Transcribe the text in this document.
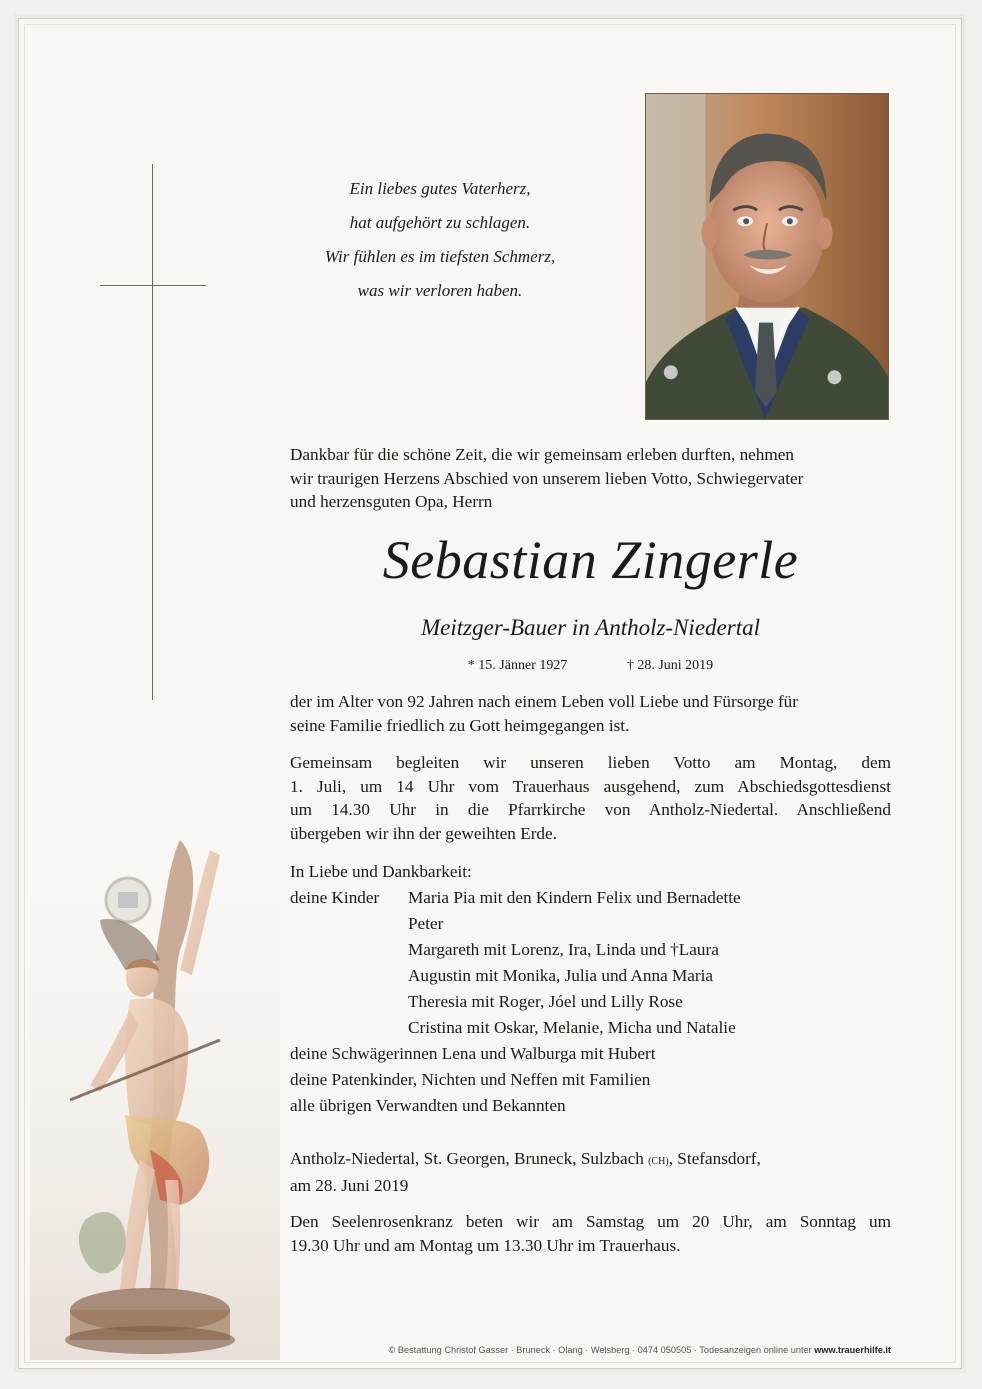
Ein liebes gutes Vaterherz,
hat aufgehört zu schlagen.
Wir fühlen es im tiefsten Schmerz,
was wir verloren haben.
Dankbar für die schöne Zeit, die wir gemeinsam erleben durften, nehmen
wir traurigen Herzens Abschied von unserem lieben Votto, Schwiegervater
und herzensguten Opa, Herrn
Sebastian Zingerle
Meitzger-Bauer in Antholz-Niedertal
* 15. Jänner 1927	† 28. Juni 2019
der im Alter von 92 Jahren nach einem Leben voll Liebe und Fürsorge für
seine Familie friedlich zu Gott heimgegangen ist.
Gemeinsam begleiten wir unseren lieben Votto am Montag, dem
1. Juli, um 14 Uhr vom Trauerhaus ausgehend, zum Abschiedsgottesdienst
um 14.30 Uhr in die Pfarrkirche von Antholz-Niedertal. Anschließend
übergeben wir ihn der geweihten Erde.
In Liebe und Dankbarkeit:
deine Kinder	Maria Pia mit den Kindern Felix und Bernadette
Peter
Margareth mit Lorenz, Ira, Linda und †Laura
Augustin mit Monika, Julia und Anna Maria
Theresia mit Roger, Jóel und Lilly Rose
Cristina mit Oskar, Melanie, Micha und Natalie
deine Schwägerinnen Lena und Walburga mit Hubert
deine Patenkinder, Nichten und Neffen mit Familien
alle übrigen Verwandten und Bekannten
Antholz-Niedertal, St. Georgen, Bruneck, Sulzbach (CH), Stefansdorf,
am 28. Juni 2019
Den Seelenrosenkranz beten wir am Samstag um 20 Uhr, am Sonntag um
19.30 Uhr und am Montag um 13.30 Uhr im Trauerhaus.
© Bestattung Christof Gasser · Bruneck · Olang · Welsberg · 0474 050505 · Todesanzeigen online unter www.trauerhilfe.it
